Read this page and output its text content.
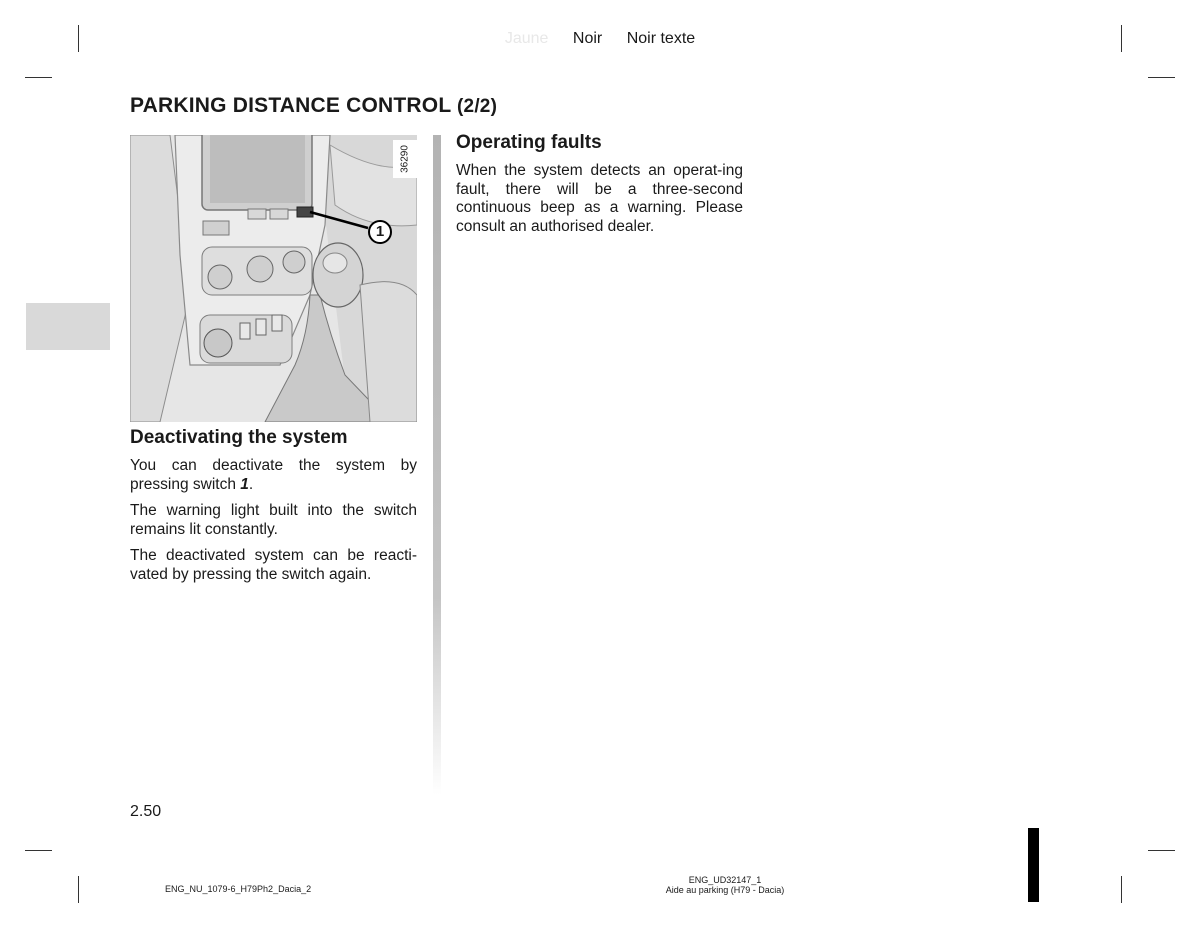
Jaune Noir Noir texte
PARKING DISTANCE CONTROL (2/2)
1
36290
Deactivating the system

You can deactivate the system by pressing switch 1.

The warning light built into the switch remains lit constantly.

The deactivated system can be reacti-vated by pressing the switch again.

Operating faults

When the system detects an operat-ing fault, there will be a three-second continuous beep as a warning. Please consult an authorised dealer.

2.50
ENG_NU_1079-6_H79Ph2_Dacia_2
ENG_UD32147_1
Aide au parking (H79 - Dacia)
